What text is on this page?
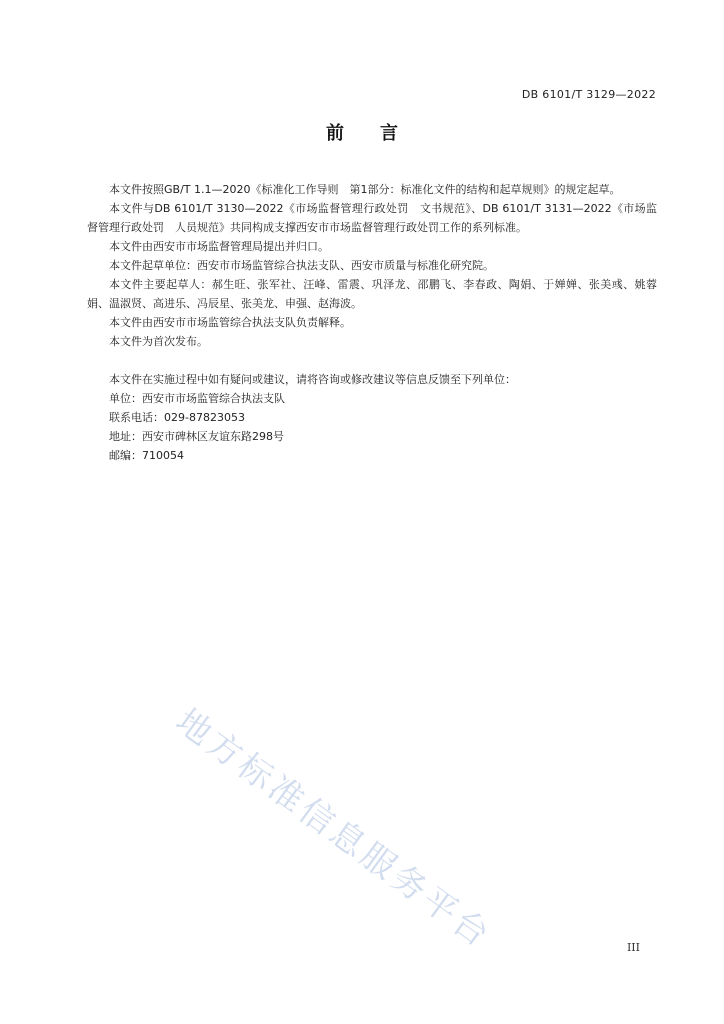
DB 6101/T 3129—2022
前 言

本文件按照GB/T 1.1—2020《标准化工作导则　第1部分：标准化文件的结构和起草规则》的规定起草。

本文件与DB 6101/T 3130—2022《市场监督管理行政处罚　文书规范》、DB 6101/T 3131—2022《市场监督管理行政处罚　人员规范》共同构成支撑西安市市场监督管理行政处罚工作的系列标准。

本文件由西安市市场监督管理局提出并归口。

本文件起草单位：西安市市场监管综合执法支队、西安市质量与标准化研究院。

本文件主要起草人：郝生旺、张军社、汪峰、雷震、巩泽龙、邵鹏飞、李春政、陶娟、于婵婵、张美彧、姚蓉娟、温淑贤、高进乐、冯辰星、张美龙、申强、赵海波。

本文件由西安市市场监管综合执法支队负责解释。

本文件为首次发布。

本文件在实施过程中如有疑问或建议，请将咨询或修改建议等信息反馈至下列单位：

单位：西安市市场监管综合执法支队

联系电话：029-87823053

地址：西安市碑林区友谊东路298号

邮编：710054

地方标准信息服务平台	III
